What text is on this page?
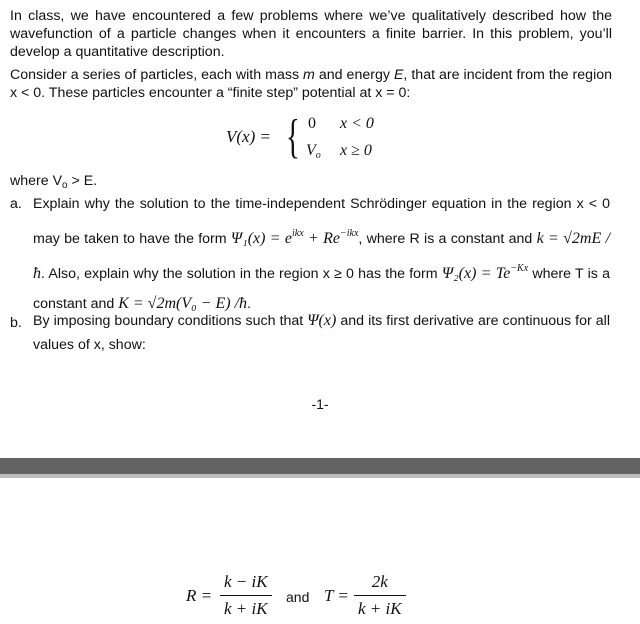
In class, we have encountered a few problems where we’ve qualitatively described how the wavefunction of a particle changes when it encounters a finite barrier. In this problem, you’ll develop a quantitative description.
Consider a series of particles, each with mass m and energy E, that are incident from the region x < 0. These particles encounter a “finite step” potential at x = 0:
V(x) = { 0 x < 0
$V_o$ x ≥ 0
where $V_o > E$.
a. Explain why the solution to the time-independent Schrödinger equation in the region x < 0 may be taken to have the form $\Psi_1(x) = e^{ikx} + Re^{-ikx}$, where R is a constant and k = √2mE /ħ. Also, explain why the solution in the region x ≥ 0 has the form $\Psi_2(x) = Te^{-Kx}$ where T is a constant and K = √2m(V₀ − E) /ħ.
b. By imposing boundary conditions such that Ψ(x) and its first derivative are continuous for all values of x, show:
-1-
$R = \frac{k - iK}{k + iK}$ and $T = \frac{2k}{k + iK}$
